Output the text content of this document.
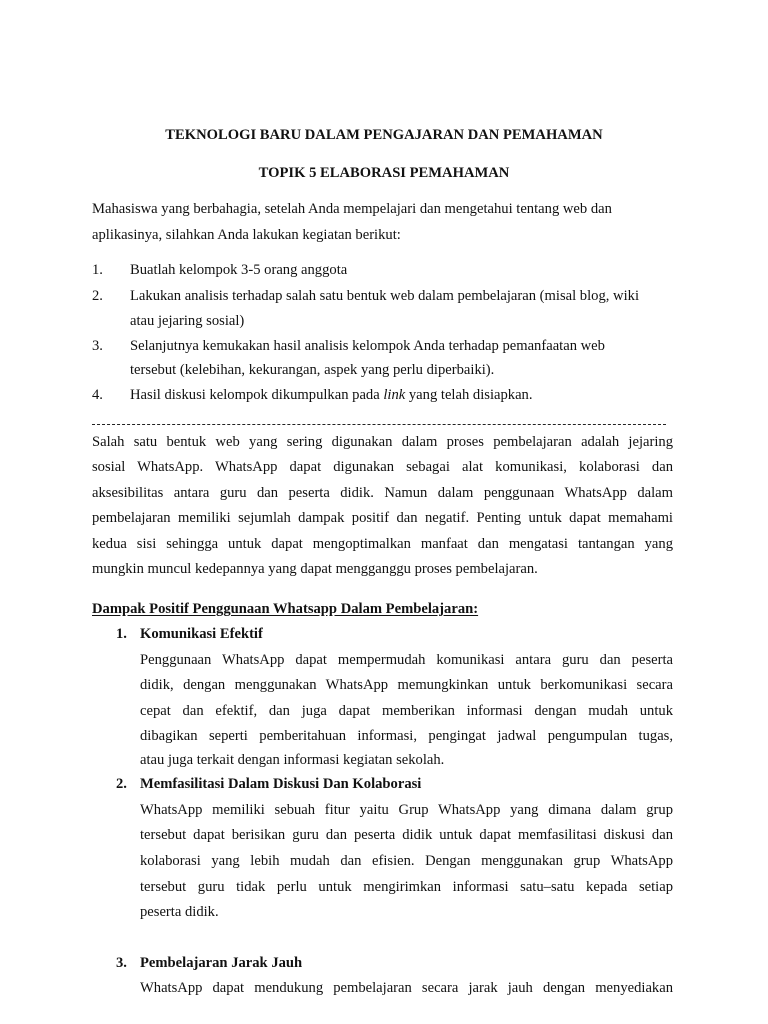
TEKNOLOGI BARU DALAM PENGAJARAN DAN PEMAHAMAN
TOPIK 5 ELABORASI PEMAHAMAN
Mahasiswa yang berbahagia, setelah Anda mempelajari dan mengetahui tentang web dan
aplikasinya, silahkan Anda lakukan kegiatan berikut:
1. Buatlah kelompok 3-5 orang anggota
2. Lakukan analisis terhadap salah satu bentuk web dalam pembelajaran (misal blog, wiki
atau jejaring sosial)
3. Selanjutnya kemukakan hasil analisis kelompok Anda terhadap pemanfaatan web
tersebut (kelebihan, kekurangan, aspek yang perlu diperbaiki).
4. Hasil diskusi kelompok dikumpulkan pada link yang telah disiapkan.
Salah satu bentuk web yang sering digunakan dalam proses pembelajaran adalah jejaring
sosial WhatsApp. WhatsApp dapat digunakan sebagai alat komunikasi, kolaborasi dan
aksesibilitas antara guru dan peserta didik. Namun dalam penggunaan WhatsApp dalam
pembelajaran memiliki sejumlah dampak positif dan negatif. Penting untuk dapat memahami
kedua sisi sehingga untuk dapat mengoptimalkan manfaat dan mengatasi tantangan yang
mungkin muncul kedepannya yang dapat mengganggu proses pembelajaran.
Dampak Positif Penggunaan Whatsapp Dalam Pembelajaran:
1. Komunikasi Efektif
Penggunaan WhatsApp dapat mempermudah komunikasi antara guru dan peserta
didik, dengan menggunakan WhatsApp memungkinkan untuk berkomunikasi secara
cepat dan efektif, dan juga dapat memberikan informasi dengan mudah untuk
dibagikan seperti pemberitahuan informasi, pengingat jadwal pengumpulan tugas,
atau juga terkait dengan informasi kegiatan sekolah.
2. Memfasilitasi Dalam Diskusi Dan Kolaborasi
WhatsApp memiliki sebuah fitur yaitu Grup WhatsApp yang dimana dalam grup
tersebut dapat berisikan guru dan peserta didik untuk dapat memfasilitasi diskusi dan
kolaborasi yang lebih mudah dan efisien. Dengan menggunakan grup WhatsApp
tersebut guru tidak perlu untuk mengirimkan informasi satu–satu kepada setiap
peserta didik.
3. Pembelajaran Jarak Jauh
WhatsApp dapat mendukung pembelajaran secara jarak jauh dengan menyediakan
